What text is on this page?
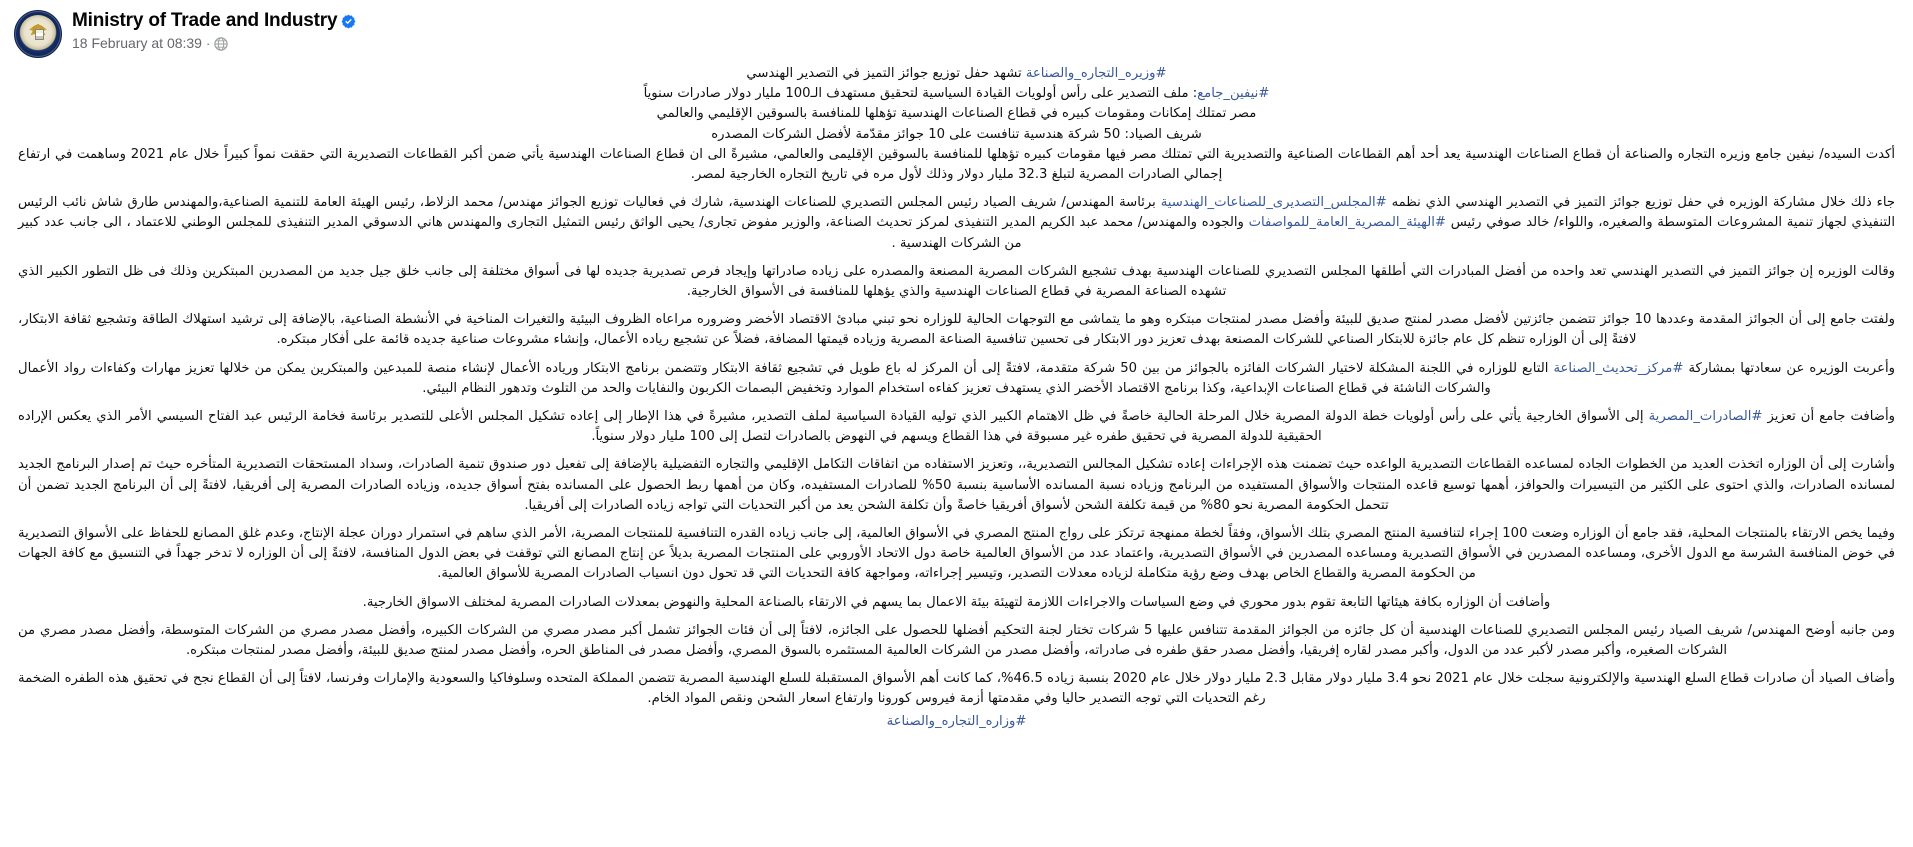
Ministry of Trade and Industry
18 February at 08:39 ·

#وزيره_التجاره_والصناعة تشهد حفل توزيع جوائز التميز في التصدير الهندسي

#نيفين_جامع: ملف التصدير على رأس أولويات القيادة السياسية لتحقيق مستهدف الـ100 مليار دولار صادرات سنوياً

مصر تمتلك إمكانات ومقومات كبيره في قطاع الصناعات الهندسية تؤهلها للمنافسة بالسوقين الإقليمي والعالمي

شريف الصياد: 50 شركة هندسية تنافست على 10 جوائز مقدّمة لأفضل الشركات المصدره

أكدت السيده/ نيفين جامع وزيره التجاره والصناعة أن قطاع الصناعات الهندسية يعد أحد أهم القطاعات الصناعية والتصديرية التي تمتلك مصر فيها مقومات كبيره تؤهلها للمنافسة بالسوقين الإقليمى والعالمي، مشيرةً الى ان قطاع الصناعات الهندسية يأتي ضمن أكبر القطاعات التصديرية التي حققت نمواً كبيراً خلال عام 2021 وساهمت في ارتفاع إجمالي الصادرات المصرية لتبلغ 32.3 مليار دولار وذلك لأول مره في تاريخ التجاره الخارجية لمصر.

جاء ذلك خلال مشاركة الوزيره في حفل توزيع جوائز التميز في التصدير الهندسي الذي نظمه #المجلس_التصديرى_للصناعات_الهندسية برئاسة المهندس/ شريف الصياد رئيس المجلس التصديري للصناعات الهندسية، شارك في فعاليات توزيع الجوائز مهندس/ محمد الزلاط، رئيس الهيئة العامة للتنمية الصناعية،والمهندس طارق شاش نائب الرئيس التنفيذي لجهاز تنمية المشروعات المتوسطة والصغيره، واللواء/ خالد صوفي رئيس #الهيئة_المصرية_العامة_للمواصفات والجوده والمهندس/ محمد عبد الكريم المدير التنفيذى لمركز تحديث الصناعة، والوزير مفوض تجارى/ يحيى الواثق رئيس التمثيل التجارى والمهندس هاني الدسوقي المدير التنفيذى للمجلس الوطني للاعتماد ، الى جانب عدد كبير من الشركات الهندسية .

وقالت الوزيره إن جوائز التميز في التصدير الهندسي تعد واحده من أفضل المبادرات التي أطلقها المجلس التصديري للصناعات الهندسية بهدف تشجيع الشركات المصرية المصنعة والمصدره على زياده صادراتها وإيجاد فرص تصديرية جديده لها فى أسواق مختلفة إلى جانب خلق جيل جديد من المصدرين المبتكرين وذلك فى ظل التطور الكبير الذي تشهده الصناعة المصرية في قطاع الصناعات الهندسية والذي يؤهلها للمنافسة فى الأسواق الخارجية.

ولفتت جامع إلى أن الجوائز المقدمة وعددها 10 جوائز تتضمن جائزتين لأفضل مصدر لمنتج صديق للبيئة وأفضل مصدر لمنتجات مبتكره وهو ما يتماشى مع التوجهات الحالية للوزاره نحو تبني مبادئ الاقتصاد الأخضر وضروره مراعاه الظروف البيئية والتغيرات المناخية في الأنشطة الصناعية، بالإضافة إلى ترشيد استهلاك الطاقة وتشجيع ثقافة الابتكار، لافتةً إلى أن الوزاره تنظم كل عام جائزة للابتكار الصناعي للشركات المصنعة بهدف تعزيز دور الابتكار فى تحسين تنافسية الصناعة المصرية وزياده قيمتها المضافة، فضلاً عن تشجيع رياده الأعمال، وإنشاء مشروعات صناعية جديده قائمة على أفكار مبتكره.

وأعربت الوزيره عن سعادتها بمشاركة #مركز_تحديث_الصناعة التابع للوزاره في اللجنة المشكلة لاختيار الشركات الفائزه بالجوائز من بين 50 شركة متقدمة، لافتةً إلى أن المركز له باع طويل في تشجيع ثقافة الابتكار وتتضمن برنامج الابتكار ورياده الأعمال لإنشاء منصة للمبدعين والمبتكرين يمكن من خلالها تعزيز مهارات وكفاءات رواد الأعمال والشركات الناشئة في قطاع الصناعات الإبداعية، وكذا برنامج الاقتصاد الأخضر الذي يستهدف تعزيز كفاءه استخدام الموارد وتخفيض البصمات الكربون والنفايات والحد من التلوث وتدهور النظام البيئي.

وأضافت جامع أن تعزيز #الصادرات_المصرية إلى الأسواق الخارجية يأتي على رأس أولويات خطة الدولة المصرية خلال المرحلة الحالية خاصةً في ظل الاهتمام الكبير الذي توليه القيادة السياسية لملف التصدير، مشيرةً في هذا الإطار إلى إعاده تشكيل المجلس الأعلى للتصدير برئاسة فخامة الرئيس عبد الفتاح السيسي الأمر الذي يعكس الإراده الحقيقية للدولة المصرية في تحقيق طفره غير مسبوقة في هذا القطاع ويسهم في النهوض بالصادرات لتصل إلى 100 مليار دولار سنوياً.

وأشارت إلى أن الوزاره اتخذت العديد من الخطوات الجاده لمساعده القطاعات التصديرية الواعده حيث تضمنت هذه الإجراءات إعاده تشكيل المجالس التصديرية،، وتعزيز الاستفاده من اتفاقات التكامل الإقليمي والتجاره التفضيلية بالإضافة إلى تفعيل دور صندوق تنمية الصادرات، وسداد المستحقات التصديرية المتأخره حيث تم إصدار البرنامج الجديد لمسانده الصادرات، والذي احتوى على الكثير من التيسيرات والحوافز، أهمها توسيع قاعده المنتجات والأسواق المستفيده من البرنامج وزياده نسبة المسانده الأساسية بنسبة 50% للصادرات المستفيده، وكان من أهمها ربط الحصول على المسانده بفتح أسواق جديده، وزياده الصادرات المصرية إلى أفريقيا، لافتةً إلى أن البرنامج الجديد تضمن أن تتحمل الحكومة المصرية نحو 80% من قيمة تكلفة الشحن لأسواق أفريقيا خاصةً وأن تكلفة الشحن يعد من أكبر التحديات التي تواجه زياده الصادرات إلى أفريقيا.

وفيما يخص الارتقاء بالمنتجات المحلية، فقد جامع أن الوزاره وضعت 100 إجراء لتنافسية المنتج المصري بتلك الأسواق، وفقاً لخطة ممنهجة ترتكز على رواج المنتج المصري في الأسواق العالمية، إلى جانب زياده القدره التنافسية للمنتجات المصرية، الأمر الذي ساهم في استمرار دوران عجلة الإنتاج، وعدم غلق المصانع للحفاظ على الأسواق التصديرية في خوض المنافسة الشرسة مع الدول الأخرى، ومساعده المصدرين في الأسواق التصديرية ومساعده المصدرين في الأسواق التصديرية، واعتماد عدد من الأسواق العالمية خاصة دول الاتحاد الأوروبي على المنتجات المصرية بديلاً عن إنتاج المصانع التي توقفت في بعض الدول المنافسة، لافتةً إلى أن الوزاره لا تدخر جهداً في التنسيق مع كافة الجهات من الحكومة المصرية والقطاع الخاص بهدف وضع رؤية متكاملة لزياده معدلات التصدير، وتيسير إجراءاته، ومواجهة كافة التحديات التي قد تحول دون انسياب الصادرات المصرية للأسواق العالمية.

وأضافت أن الوزاره بكافة هيئاتها التابعة تقوم بدور محوري في وضع السياسات والاجراءات اللازمة لتهيئة بيئة الاعمال بما يسهم في الارتقاء بالصناعة المحلية والنهوض بمعدلات الصادرات المصرية لمختلف الاسواق الخارجية.

ومن جانبه أوضح المهندس/ شريف الصياد رئيس المجلس التصديري للصناعات الهندسية أن كل جائزه من الجوائز المقدمة تتنافس عليها 5 شركات تختار لجنة التحكيم أفضلها للحصول على الجائزه، لافتاً إلى أن فئات الجوائز تشمل أكبر مصدر مصري من الشركات الكبيره، وأفضل مصدر مصري من الشركات المتوسطة، وأفضل مصدر مصري من الشركات الصغيره، وأكبر مصدر لأكبر عدد من الدول، وأكبر مصدر لقاره إفريقيا، وأفضل مصدر حقق طفره فى صادراته، وأفضل مصدر من الشركات العالمية المستثمره بالسوق المصري، وأفضل مصدر فى المناطق الحره، وأفضل مصدر لمنتج صديق للبيئة، وأفضل مصدر لمنتجات مبتكره.

وأضاف الصياد أن صادرات قطاع السلع الهندسية والإلكترونية سجلت خلال عام 2021 نحو 3.4 مليار دولار مقابل 2.3 مليار دولار خلال عام 2020 بنسبة زياده 46.5%، كما كانت أهم الأسواق المستقبلة للسلع الهندسية المصرية تتضمن المملكة المتحده وسلوفاكيا والسعودية والإمارات وفرنسا، لافتاً إلى أن القطاع نجح في تحقيق هذه الطفره الضخمة رغم التحديات التي توجه التصدير حاليا وفي مقدمتها أزمة فيروس كورونا وارتفاع اسعار الشحن ونقص المواد الخام.

#وزاره_التجاره_والصناعة
